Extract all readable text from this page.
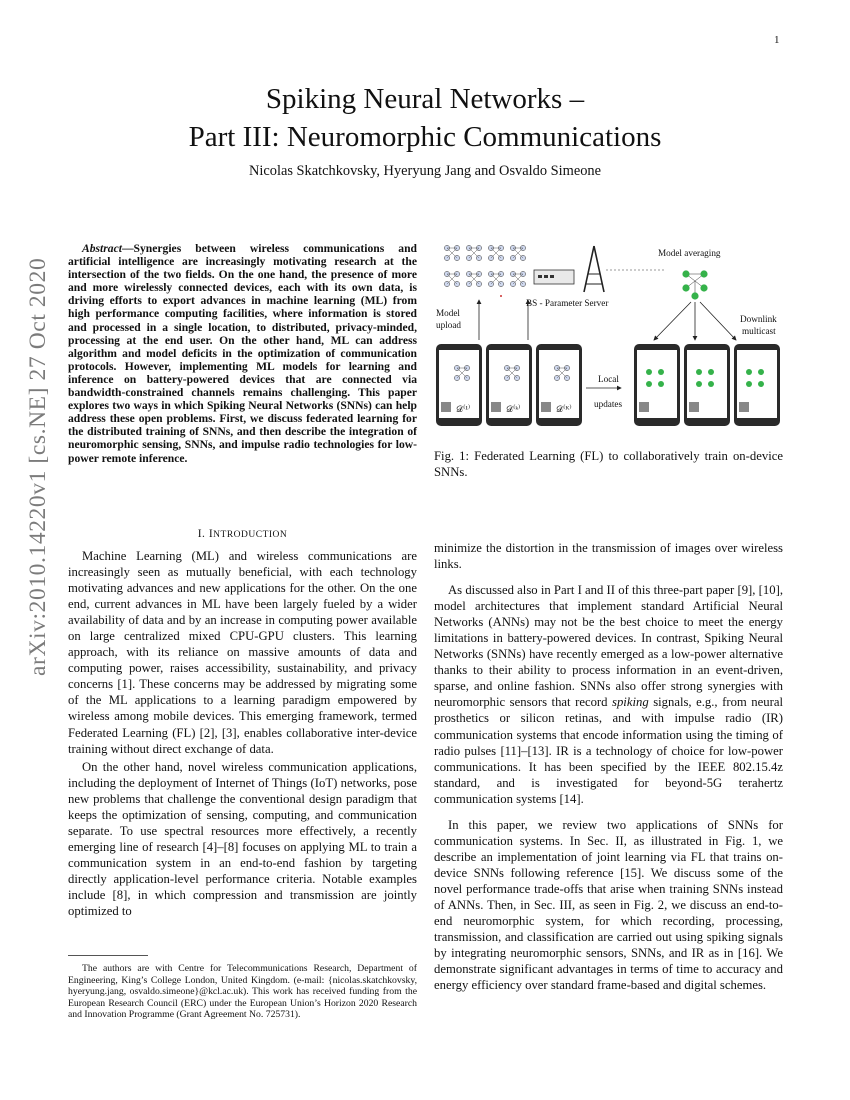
1
arXiv:2010.14220v1 [cs.NE] 27 Oct 2020
Spiking Neural Networks –
Part III: Neuromorphic Communications
Nicolas Skatchkovsky, Hyeryung Jang and Osvaldo Simeone
Abstract—Synergies between wireless communications and artificial intelligence are increasingly motivating research at the intersection of the two fields. On the one hand, the presence of more and more wirelessly connected devices, each with its own data, is driving efforts to export advances in machine learning (ML) from high performance computing facilities, where information is stored and processed in a single location, to distributed, privacy-minded, processing at the end user. On the other hand, ML can address algorithm and model deficits in the optimization of communication protocols. However, implementing ML models for learning and inference on battery-powered devices that are connected via bandwidth-constrained channels remains challenging. This paper explores two ways in which Spiking Neural Networks (SNNs) can help address these open problems. First, we discuss federated learning for the distributed training of SNNs, and then describe the integration of neuromorphic sensing, SNNs, and impulse radio technologies for low-power remote inference.
BS - Parameter Server
Model averaging
Model
upload
Downlink
multicast
𝒟⁽¹⁾	𝒟⁽ᵏ⁾	𝒟⁽ᴷ⁾
Local
updates
Fig. 1: Federated Learning (FL) to collaboratively train on-device SNNs.
I. INTRODUCTION

Machine Learning (ML) and wireless communications are increasingly seen as mutually beneficial, with each technology motivating advances and new applications for the other. On the one end, current advances in ML have been largely fueled by a wider availability of data and by an increase in computing power available on large centralized mixed CPU-GPU clusters. This learning approach, with its reliance on massive amounts of data and computing power, raises accessibility, sustainability, and privacy concerns [1]. These concerns may be addressed by migrating some of the ML applications to a learning paradigm empowered by wireless among mobile devices. This emerging framework, termed Federated Learning (FL) [2], [3], enables collaborative inter-device training without direct exchange of data.

On the other hand, novel wireless communication applications, including the deployment of Internet of Things (IoT) networks, pose new problems that challenge the conventional design paradigm that keeps the optimization of sensing, computing, and communication separate. To use spectral resources more effectively, a recently emerging line of research [4]–[8] focuses on applying ML to train a communication system in an end-to-end fashion by targeting directly application-level performance criteria. Notable examples include [8], in which compression and transmission are jointly optimized to

The authors are with Centre for Telecommunications Research, Department of Engineering, King’s College London, United Kingdom. (e-mail: {nicolas.skatchkovsky, hyeryung.jang, osvaldo.simeone}@kcl.ac.uk). This work has received funding from the European Research Council (ERC) under the European Union’s Horizon 2020 Research and Innovation Programme (Grant Agreement No. 725731).

minimize the distortion in the transmission of images over wireless links.

As discussed also in Part I and II of this three-part paper [9], [10], model architectures that implement standard Artificial Neural Networks (ANNs) may not be the best choice to meet the energy limitations in battery-powered devices. In contrast, Spiking Neural Networks (SNNs) have recently emerged as a low-power alternative thanks to their ability to process information in an event-driven, sparse, and online fashion. SNNs also offer strong synergies with neuromorphic sensors that record spiking signals, e.g., from neural prosthetics or silicon retinas, and with impulse radio (IR) communication systems that encode information using the timing of radio pulses [11]–[13]. IR is a technology of choice for low-power communications. It has been specified by the IEEE 802.15.4z standard, and is investigated for beyond-5G terahertz communication systems [14].

In this paper, we review two applications of SNNs for communication systems. In Sec. II, as illustrated in Fig. 1, we describe an implementation of joint learning via FL that trains on-device SNNs following reference [15]. We discuss some of the novel performance trade-offs that arise when training SNNs instead of ANNs. Then, in Sec. III, as seen in Fig. 2, we discuss an end-to-end neuromorphic system, for which recording, processing, transmission, and classification are carried out using spiking signals by integrating neuromorphic sensors, SNNs, and IR as in [16]. We demonstrate significant advantages in terms of time to accuracy and energy efficiency over standard frame-based and digital schemes.
